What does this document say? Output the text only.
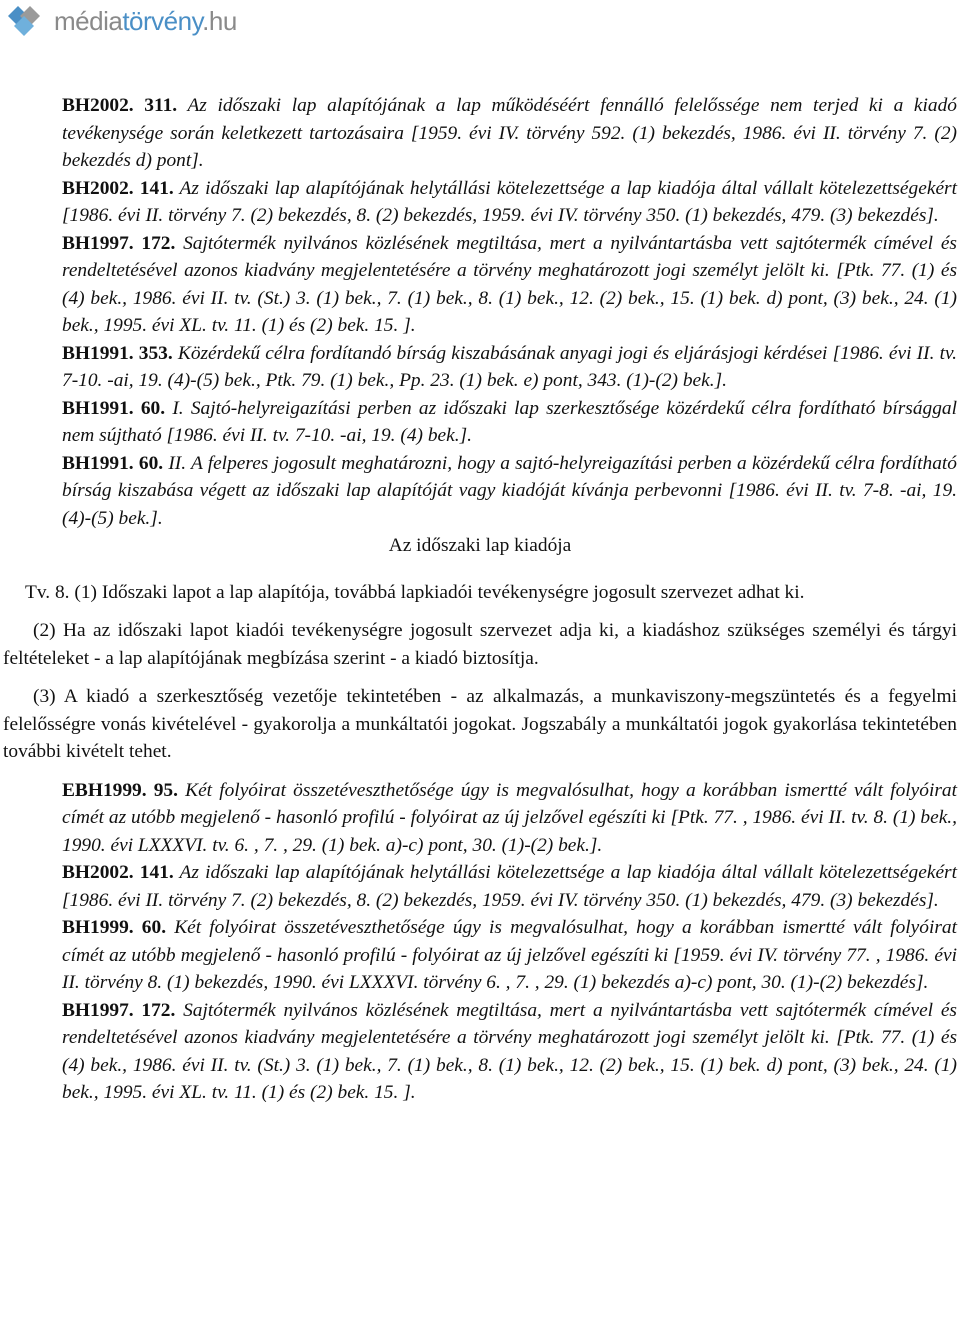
médiatörvény.hu
BH2002. 311. Az időszaki lap alapítójának a lap működéséért fennálló felelőssége nem terjed ki a kiadó tevékenysége során keletkezett tartozásaira [1959. évi IV. törvény 592. (1) bekezdés, 1986. évi II. törvény 7. (2) bekezdés d) pont].
BH2002. 141. Az időszaki lap alapítójának helytállási kötelezettsége a lap kiadója által vállalt kötelezettségekért [1986. évi II. törvény 7. (2) bekezdés, 8. (2) bekezdés, 1959. évi IV. törvény 350. (1) bekezdés, 479. (3) bekezdés].
BH1997. 172. Sajtótermék nyilvános közlésének megtiltása, mert a nyilvántartásba vett sajtótermék címével és rendeltetésével azonos kiadvány megjelentetésére a törvény meghatározott jogi személyt jelölt ki. [Ptk. 77. (1) és (4) bek., 1986. évi II. tv. (St.) 3. (1) bek., 7. (1) bek., 8. (1) bek., 12. (2) bek., 15. (1) bek. d) pont, (3) bek., 24. (1) bek., 1995. évi XL. tv. 11. (1) és (2) bek. 15. ].
BH1991. 353. Közérdekű célra fordítandó bírság kiszabásának anyagi jogi és eljárásjogi kérdései [1986. évi II. tv. 7-10. -ai, 19. (4)-(5) bek., Ptk. 79. (1) bek., Pp. 23. (1) bek. e) pont, 343. (1)-(2) bek.].
BH1991. 60. I. Sajtó-helyreigazítási perben az időszaki lap szerkesztősége közérdekű célra fordítható bírsággal nem sújtható [1986. évi II. tv. 7-10. -ai, 19. (4) bek.].
BH1991. 60. II. A felperes jogosult meghatározni, hogy a sajtó-helyreigazítási perben a közérdekű célra fordítható bírság kiszabása végett az időszaki lap alapítóját vagy kiadóját kívánja perbevonni [1986. évi II. tv. 7-8. -ai, 19. (4)-(5) bek.].
Az időszaki lap kiadója
Tv. 8. (1) Időszaki lapot a lap alapítója, továbbá lapkiadói tevékenységre jogosult szervezet adhat ki.
(2) Ha az időszaki lapot kiadói tevékenységre jogosult szervezet adja ki, a kiadáshoz szükséges személyi és tárgyi feltételeket - a lap alapítójának megbízása szerint - a kiadó biztosítja.
(3) A kiadó a szerkesztőség vezetője tekintetében - az alkalmazás, a munkaviszony-megszüntetés és a fegyelmi felelősségre vonás kivételével - gyakorolja a munkáltatói jogokat. Jogszabály a munkáltatói jogok gyakorlása tekintetében további kivételt tehet.
EBH1999. 95. Két folyóirat összetéveszthetősége úgy is megvalósulhat, hogy a korábban ismertté vált folyóirat címét az utóbb megjelenő - hasonló profilú - folyóirat az új jelzővel egészíti ki [Ptk. 77. , 1986. évi II. tv. 8. (1) bek., 1990. évi LXXXVI. tv. 6. , 7. , 29. (1) bek. a)-c) pont, 30. (1)-(2) bek.].
BH2002. 141. Az időszaki lap alapítójának helytállási kötelezettsége a lap kiadója által vállalt kötelezettségekért [1986. évi II. törvény 7. (2) bekezdés, 8. (2) bekezdés, 1959. évi IV. törvény 350. (1) bekezdés, 479. (3) bekezdés].
BH1999. 60. Két folyóirat összetéveszthetősége úgy is megvalósulhat, hogy a korábban ismertté vált folyóirat címét az utóbb megjelenő - hasonló profilú - folyóirat az új jelzővel egészíti ki [1959. évi IV. törvény 77. , 1986. évi II. törvény 8. (1) bekezdés, 1990. évi LXXXVI. törvény 6. , 7. , 29. (1) bekezdés a)-c) pont, 30. (1)-(2) bekezdés].
BH1997. 172. Sajtótermék nyilvános közlésének megtiltása, mert a nyilvántartásba vett sajtótermék címével és rendeltetésével azonos kiadvány megjelentetésére a törvény meghatározott jogi személyt jelölt ki. [Ptk. 77. (1) és (4) bek., 1986. évi II. tv. (St.) 3. (1) bek., 7. (1) bek., 8. (1) bek., 12. (2) bek., 15. (1) bek. d) pont, (3) bek., 24. (1) bek., 1995. évi XL. tv. 11. (1) és (2) bek. 15. ].
